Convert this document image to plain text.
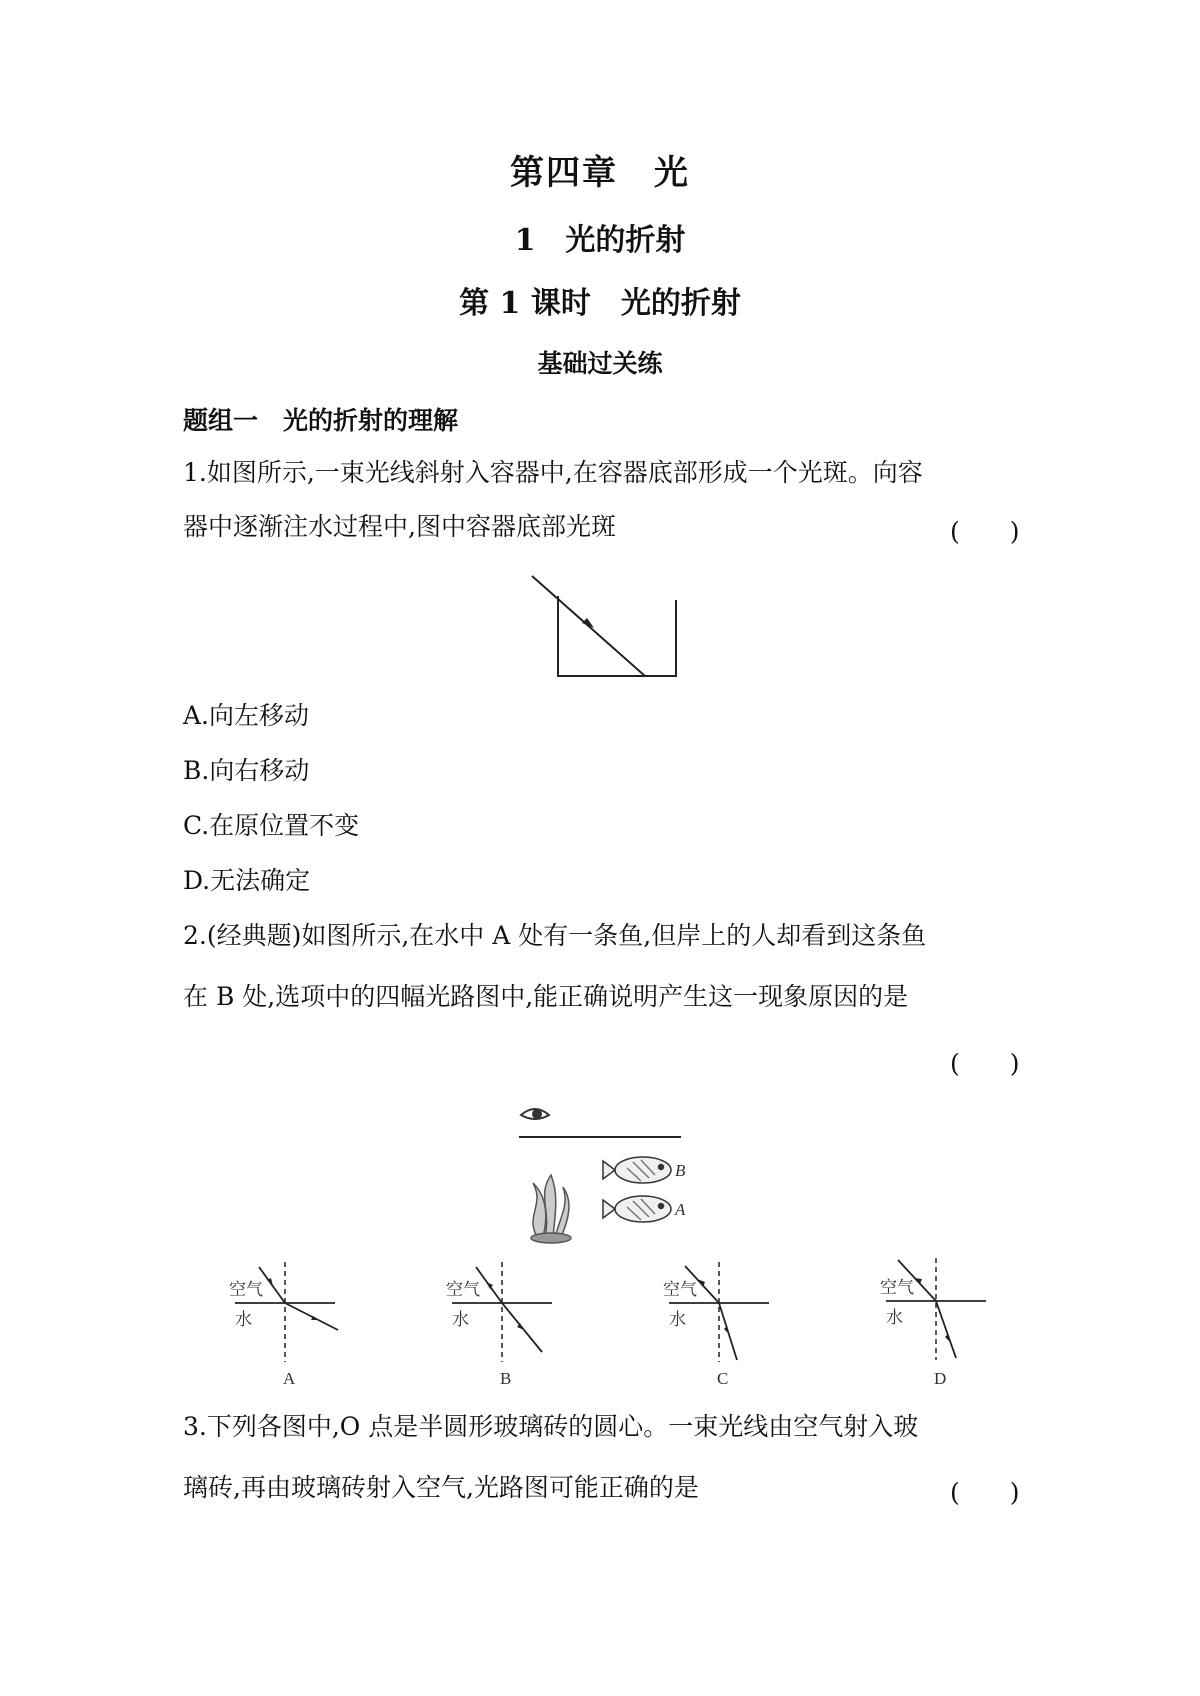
第四章　光
1　光的折射
第 1 课时　光的折射
基础过关练
题组一　光的折射的理解
1.如图所示,一束光线斜射入容器中,在容器底部形成一个光斑。向容
器中逐渐注水过程中,图中容器底部光斑	(　　)
A.向左移动
B.向右移动
C.在原位置不变
D.无法确定
2.(经典题)如图所示,在水中 A 处有一条鱼,但岸上的人却看到这条鱼
在 B 处,选项中的四幅光路图中,能正确说明产生这一现象原因的是
(　　)
B
A
空气
水
A
空气
水
B
空气
水
C
空气
水
D
3.下列各图中,O 点是半圆形玻璃砖的圆心。一束光线由空气射入玻
璃砖,再由玻璃砖射入空气,光路图可能正确的是	(　　)
